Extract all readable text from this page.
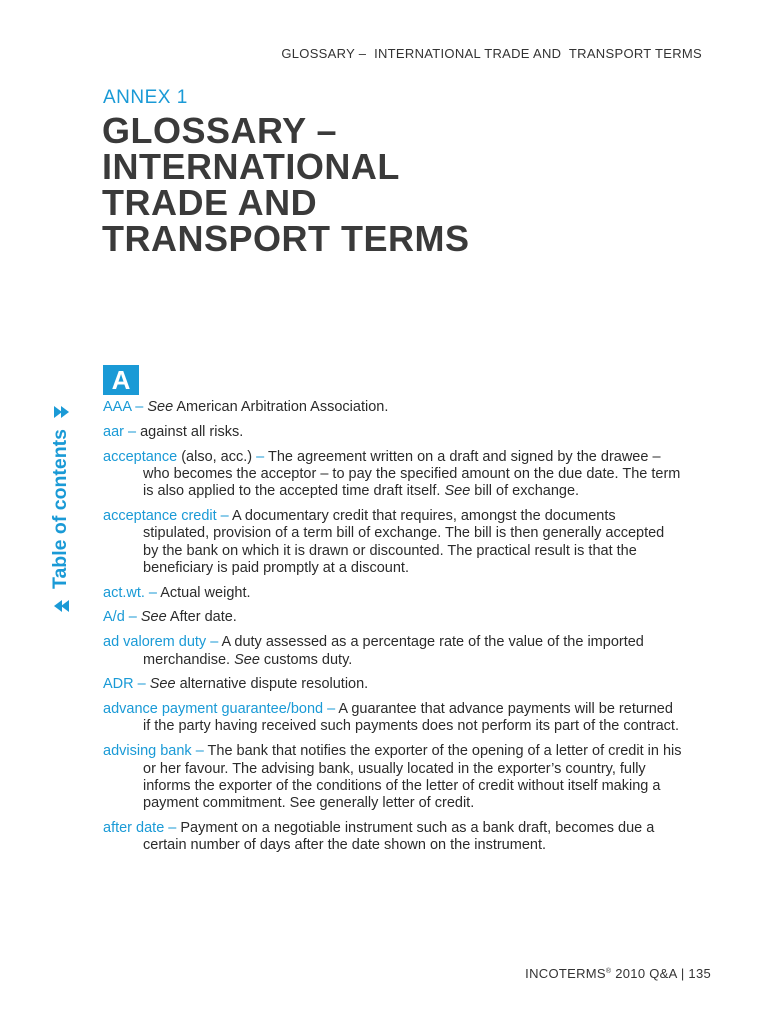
GLOSSARY –  INTERNATIONAL TRADE AND  TRANSPORT TERMS
ANNEX 1
GLOSSARY –
INTERNATIONAL
TRADE AND
TRANSPORT TERMS
Table of contents
A

AAA – See American Arbitration Association.

aar – against all risks.

acceptance (also, acc.) – The agreement written on a draft and signed by the drawee – who becomes the acceptor – to pay the specified amount on the due date. The term is also applied to the accepted time draft itself. See bill of exchange.

acceptance credit – A documentary credit that requires, amongst the documents stipulated, provision of a term bill of exchange. The bill is then generally accepted by the bank on which it is drawn or discounted. The practical result is that the beneficiary is paid promptly at a discount.

act.wt. – Actual weight.

A/d – See After date.

ad valorem duty – A duty assessed as a percentage rate of the value of the imported merchandise. See customs duty.

ADR – See alternative dispute resolution.

advance payment guarantee/bond – A guarantee that advance payments will be returned if the party having received such payments does not perform its part of the contract.

advising bank – The bank that notifies the exporter of the opening of a letter of credit in his or her favour. The advising bank, usually located in the exporter’s country, fully informs the exporter of the conditions of the letter of credit without itself making a payment commitment. See generally letter of credit.

after date – Payment on a negotiable instrument such as a bank draft, becomes due a certain number of days after the date shown on the instrument.

INCOTERMS® 2010 Q&A | 135
